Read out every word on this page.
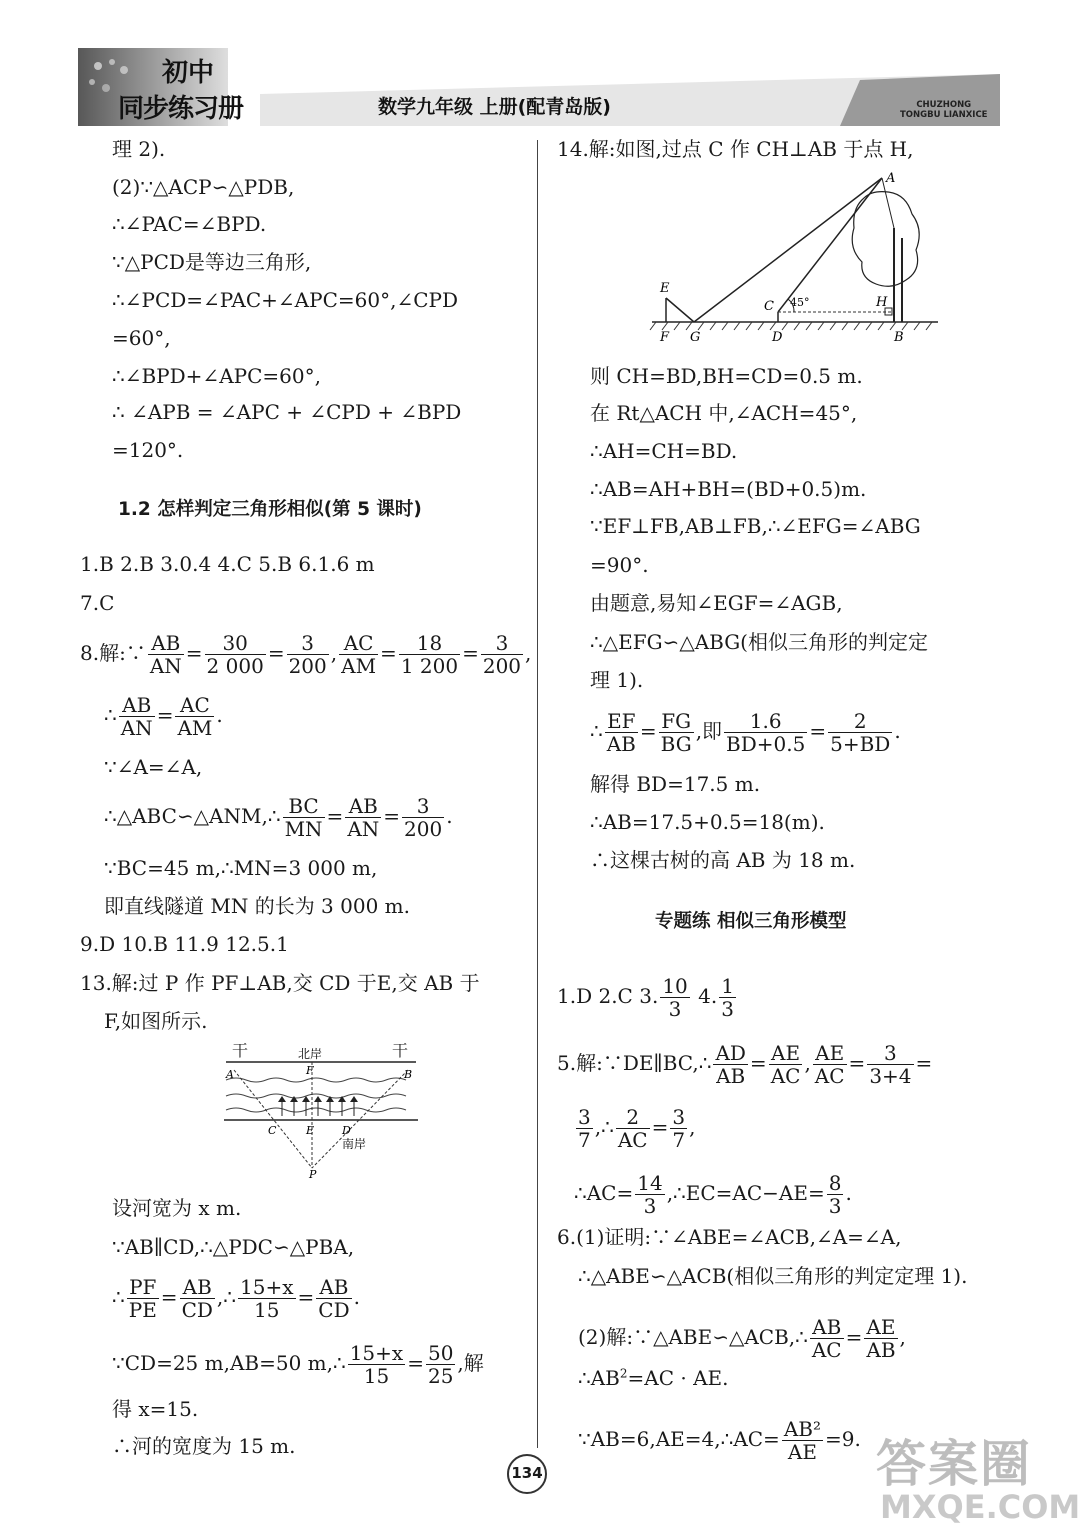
初中
同步练习册	数学九年级 上册(配青岛版)	CHUZHONG
TONGBU LIANXICE
理 2).
(2)∵△ACP∽△PDB,
∴∠PAC=∠BPD.
∵△PCD是等边三角形,
∴∠PCD=∠PAC+∠APC=60°,∠CPD
=60°,
∴∠BPD+∠APC=60°,
∴ ∠APB = ∠APC + ∠CPD + ∠BPD
=120°.
1.2 怎样判定三角形相似(第 5 课时)
1.B 2.B 3.0.4 4.C 5.B 6.1.6 m
7.C
8.解:∵ $\frac{AB}{AN} = \frac{30}{2 000} = \frac{3}{200}$ , $\frac{AC}{AM} = \frac{18}{1 200} = \frac{3}{200}$ ,
∴ $\frac{AB}{AN} = \frac{AC}{AM}$ .
∵∠A=∠A,
∴△ABC∽△ANM,∴ $\frac{BC}{MN} = \frac{AB}{AN} = \frac{3}{200}$ .
∵BC=45 m,∴MN=3 000 m,
即直线隧道 MN 的长为 3 000 m.
9.D 10.B 11.9 12.5.1
13.解:过 P 作 PF⊥AB,交 CD 于E,交 AB 于
F,如图所示.
干	干
北岸
A	B
F
C	E	D
南岸
P
设河宽为 x m.
∵AB∥CD,∴△PDC∽△PBA,
∴ $\frac{PF}{PE} = \frac{AB}{CD}$ ,∴ $\frac{15+x}{15} = \frac{AB}{CD}$ .
∵CD=25 m,AB=50 m,∴ $\frac{15+x}{15} = \frac{50}{25}$ ,解
得 x=15.
∴河的宽度为 15 m.
14.解:如图,过点 C 作 CH⊥AB 于点 H,
A
E
C 45°	H
F G	D	B
则 CH=BD,BH=CD=0.5 m.
在 Rt△ACH 中,∠ACH=45°,
∴AH=CH=BD.
∴AB=AH+BH=(BD+0.5)m.
∵EF⊥FB,AB⊥FB,∴∠EFG=∠ABG
=90°.
由题意,易知∠EGF=∠AGB,
∴△EFG∽△ABG(相似三角形的判定定
理 1).
∴ $\frac{EF}{AB} = \frac{FG}{BG}$ ,即 $\frac{1.6}{BD+0.5} = \frac{2}{5+BD}$ .
解得 BD=17.5 m.
∴AB=17.5+0.5=18(m).
∴这棵古树的高 AB 为 18 m.
专题练 相似三角形模型
1.D 2.C 3. $\frac{10}{3} 4$. $\frac{1}{3}$
5.解:∵DE∥BC,∴ $\frac{AD}{AB} = \frac{AE}{AC}$ , $\frac{AE}{AC} = \frac{3}{3+4}$ =
$\frac{3}{7}$ ,∴ $\frac{2}{AC} = \frac{3}{7}$ ,
∴AC= $\frac{14}{3}$ ,∴EC=AC−AE= $\frac{8}{3}$ .
6.(1)证明:∵∠ABE=∠ACB,∠A=∠A,
∴△ABE∽△ACB(相似三角形的判定定理 1).
(2)解:∵△ABE∽△ACB,∴ $\frac{AB}{AC} = \frac{AE}{AB}$ ,
$\therefore AB^2=AC$ · AE.
∵AB=6,AE=4,∴AC= $\frac{\text{AB²}}{AE} =9$.
134	答案圈
MXQE.COM
